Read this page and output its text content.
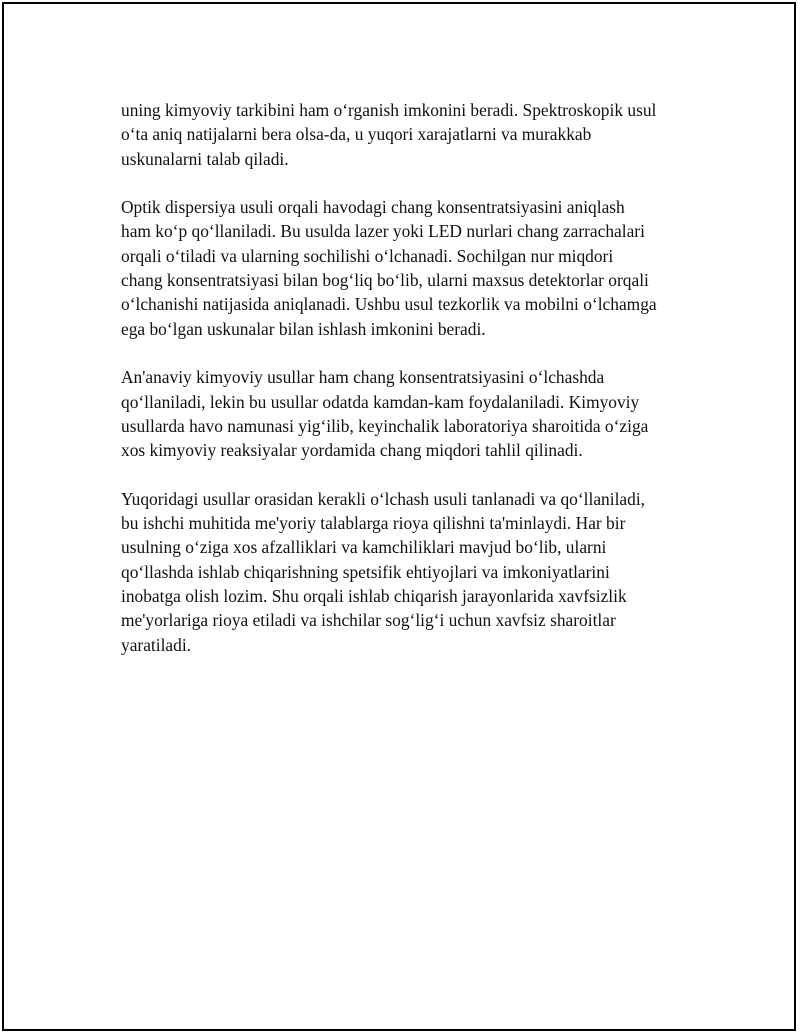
uning kimyoviy tarkibini ham o‘rganish imkonini beradi. Spektroskopik usul
o‘ta aniq natijalarni bera olsa-da, u yuqori xarajatlarni va murakkab
uskunalarni talab qiladi.
Optik dispersiya usuli orqali havodagi chang konsentratsiyasini aniqlash
ham ko‘p qo‘llaniladi. Bu usulda lazer yoki LED nurlari chang zarrachalari
orqali o‘tiladi va ularning sochilishi o‘lchanadi. Sochilgan nur miqdori
chang konsentratsiyasi bilan bog‘liq bo‘lib, ularni maxsus detektorlar orqali
o‘lchanishi natijasida aniqlanadi. Ushbu usul tezkorlik va mobilni o‘lchamga
ega bo‘lgan uskunalar bilan ishlash imkonini beradi.
An'anaviy kimyoviy usullar ham chang konsentratsiyasini o‘lchashda
qo‘llaniladi, lekin bu usullar odatda kamdan-kam foydalaniladi. Kimyoviy
usullarda havo namunasi yig‘ilib, keyinchalik laboratoriya sharoitida o‘ziga
xos kimyoviy reaksiyalar yordamida chang miqdori tahlil qilinadi.
Yuqoridagi usullar orasidan kerakli o‘lchash usuli tanlanadi va qo‘llaniladi,
bu ishchi muhitida me'yoriy talablarga rioya qilishni ta'minlaydi. Har bir
usulning o‘ziga xos afzalliklari va kamchiliklari mavjud bo‘lib, ularni
qo‘llashda ishlab chiqarishning spetsifik ehtiyojlari va imkoniyatlarini
inobatga olish lozim. Shu orqali ishlab chiqarish jarayonlarida xavfsizlik
me'yorlariga rioya etiladi va ishchilar sog‘lig‘i uchun xavfsiz sharoitlar
yaratiladi.
